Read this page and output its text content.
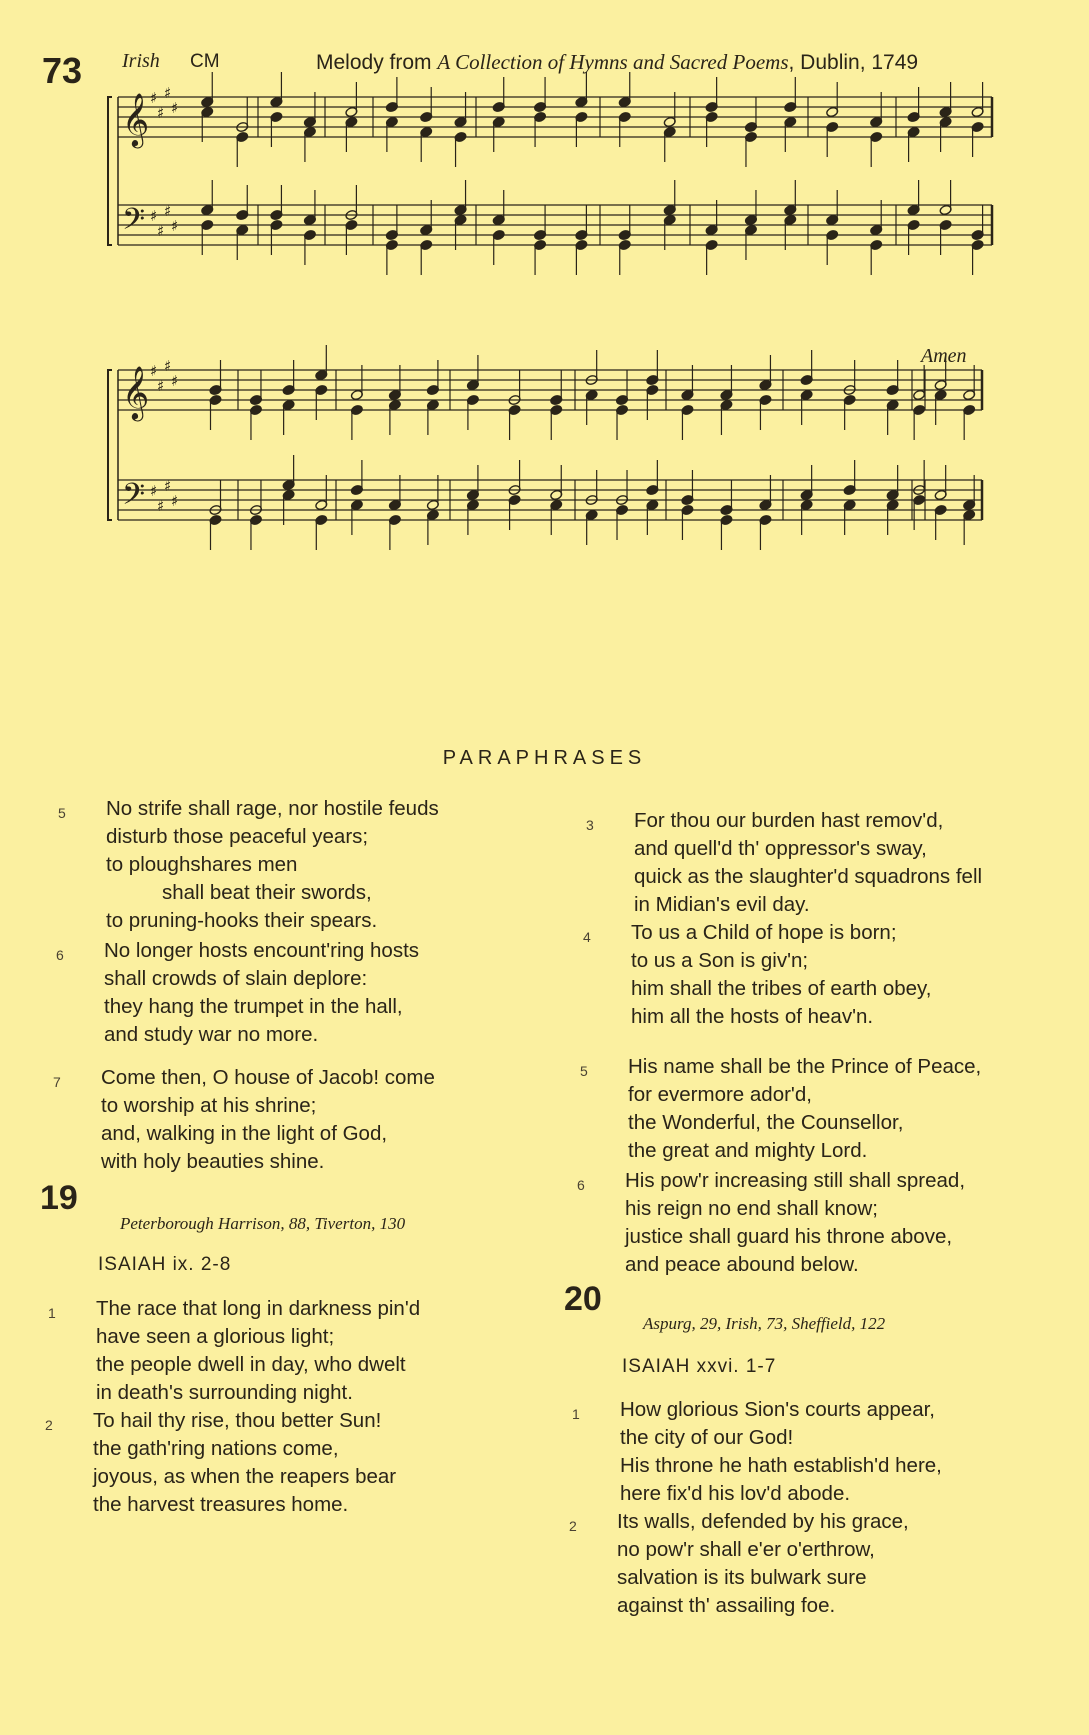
73 Irish CM	Melody from A Collection of Hymns and Sacred Poems, Dublin, 1749
Amen
𝄞
𝄢
♯
♯
♯
♯
♯
♯
♯
♯
𝄞
𝄢
♯
♯
♯
♯
♯
♯
♯
♯
PARAPHRASES
5 No strife shall rage, nor hostile feuds
disturb those peaceful years;
to ploughshares men
shall beat their swords,
to pruning-hooks their spears.
6 No longer hosts encount'ring hosts
shall crowds of slain deplore:
they hang the trumpet in the hall,
and study war no more.
7 Come then, O house of Jacob! come
to worship at his shrine;
and, walking in the light of God,
with holy beauties shine.
19
Peterborough Harrison, 88, Tiverton, 130
ISAIAH ix. 2-8
1 The race that long in darkness pin'd
have seen a glorious light;
the people dwell in day, who dwelt
in death's surrounding night.
2 To hail thy rise, thou better Sun!
the gath'ring nations come,
joyous, as when the reapers bear
the harvest treasures home.
3 For thou our burden hast remov'd,
and quell'd th' oppressor's sway,
quick as the slaughter'd squadrons fell
in Midian's evil day.
4 To us a Child of hope is born;
to us a Son is giv'n;
him shall the tribes of earth obey,
him all the hosts of heav'n.
5 His name shall be the Prince of Peace,
for evermore ador'd,
the Wonderful, the Counsellor,
the great and mighty Lord.
6 His pow'r increasing still shall spread,
his reign no end shall know;
justice shall guard his throne above,
and peace abound below.
20
Aspurg, 29, Irish, 73, Sheffield, 122
ISAIAH xxvi. 1-7
1 How glorious Sion's courts appear,
the city of our God!
His throne he hath establish'd here,
here fix'd his lov'd abode.
2 Its walls, defended by his grace,
no pow'r shall e'er o'erthrow,
salvation is its bulwark sure
against th' assailing foe.
